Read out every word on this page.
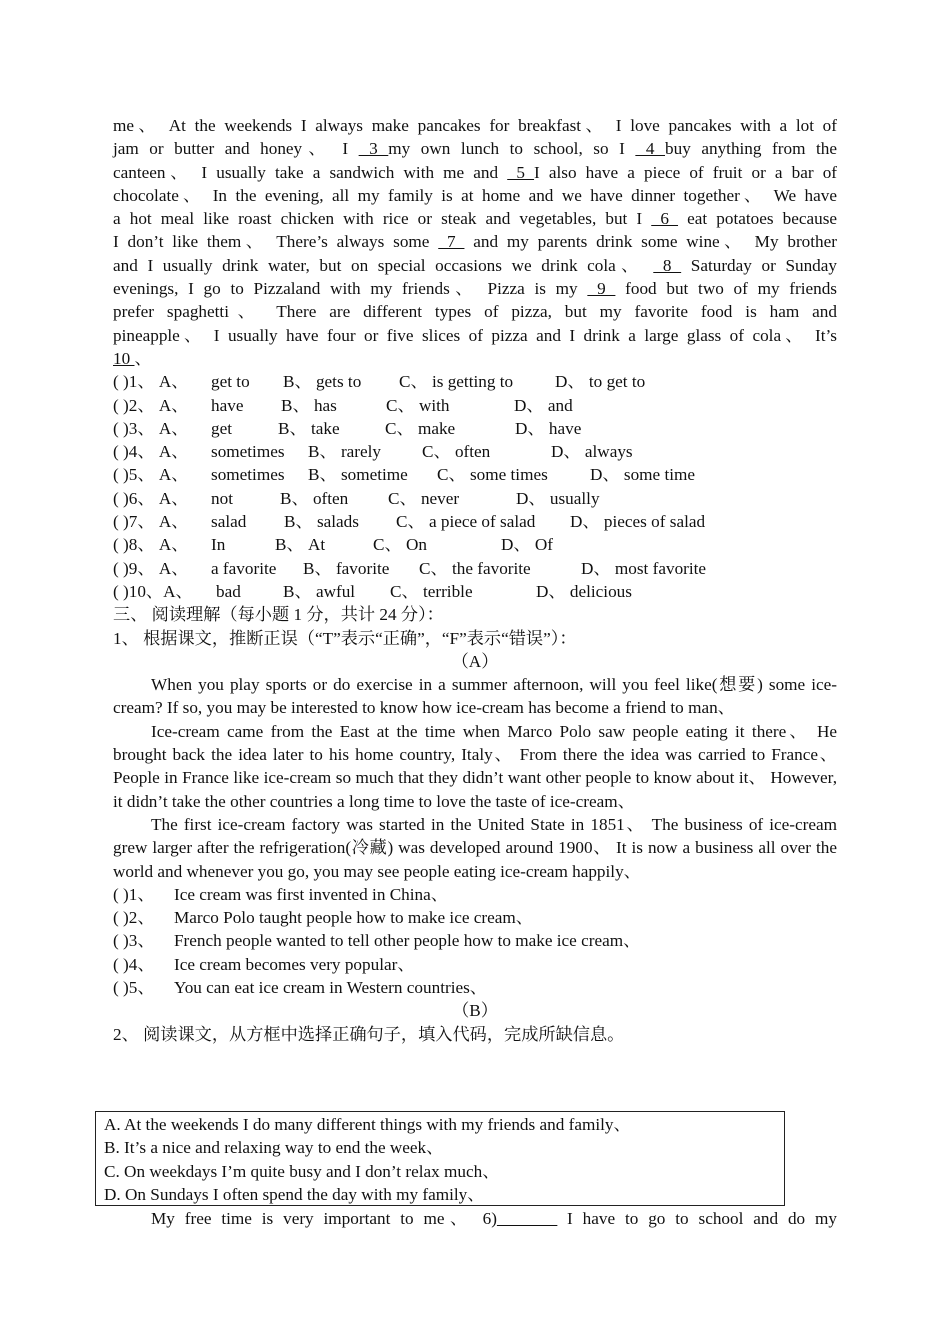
me、 At the weekends I always make pancakes for breakfast、 I love pancakes with a lot of
jam or butter and honey、 I  3 my own lunch to school, so I  4 buy anything from the
canteen、 I usually take a sandwich with me and  5 I also have a piece of fruit or a bar of
chocolate、 In the evening, all my family is at home and we have dinner together、 We have
a hot meal like roast chicken with rice or steak and vegetables, but I  6  eat potatoes because
I don’t like them、 There’s always some  7  and my parents drink some wine、 My brother
and I usually drink water, but on special occasions we drink cola、  8  Saturday or Sunday
evenings, I go to Pizzaland with my friends、 Pizza is my  9  food but two of my friends
prefer spaghetti、 There are different types of pizza, but my favorite food is ham and
pineapple、 I usually have four or five slices of pizza and I drink a large glass of cola、 It’s
10 、
( )1、 A、 get to B、 gets to C、 is getting to D、 to get to
( )2、 A、 have B、 has	C、 with	D、 and
( )3、 A、 get	B、 take	C、 make	D、 have
( )4、 A、 sometimes B、 rarely C、 often	D、 always
( )5、 A、 sometimes B、 sometime C、 some times D、 some time
( )6、 A、 not	B、 often C、 never	D、 usually
( )7、 A、 salad B、 salads C、 a piece of salad D、 pieces of salad
( )8、 A、 In	B、 At	C、 On	D、 Of
( )9、 A、 a favorite B、 favorite C、 the favorite	D、 most favorite
( )10、A、 bad B、 awful C、 terrible	D、 delicious
三、 阅读理解（每小题 1 分，共计 24 分）：
1、 根据课文，推断正误（“T”表示“正确”，“F”表示“错误”）：
（A）
When you play sports or do exercise in a summer afternoon, will you feel like(想要) some ice-cream? If so, you may be interested to know how ice-cream has become a friend to man、
Ice-cream came from the East at the time when Marco Polo saw people eating it there、 He brought back the idea later to his home country, Italy、 From there the idea was carried to France、 People in France like ice-cream so much that they didn’t want other people to know about it、 However, it didn’t take the other countries a long time to love the taste of ice-cream、
The first ice-cream factory was started in the United State in 1851、 The business of ice-cream grew larger after the refrigeration(冷藏) was developed around 1900、 It is now a business all over the world and whenever you go, you may see people eating ice-cream happily、
( )1、 Ice cream was first invented in China、
( )2、 Marco Polo taught people how to make ice cream、
( )3、 French people wanted to tell other people how to make ice cream、
( )4、 Ice cream becomes very popular、
( )5、 You can eat ice cream in Western countries、
（B）
2、 阅读课文，从方框中选择正确句子，填入代码，完成所缺信息。
A. At the weekends I do many different things with my friends and family、
B. It’s a nice and relaxing way to end the week、
C. On weekdays I’m quite busy and I don’t relax much、
D. On Sundays I often spend the day with my family、
My free time is very important to me、 6)_______ I have to go to school and do my
